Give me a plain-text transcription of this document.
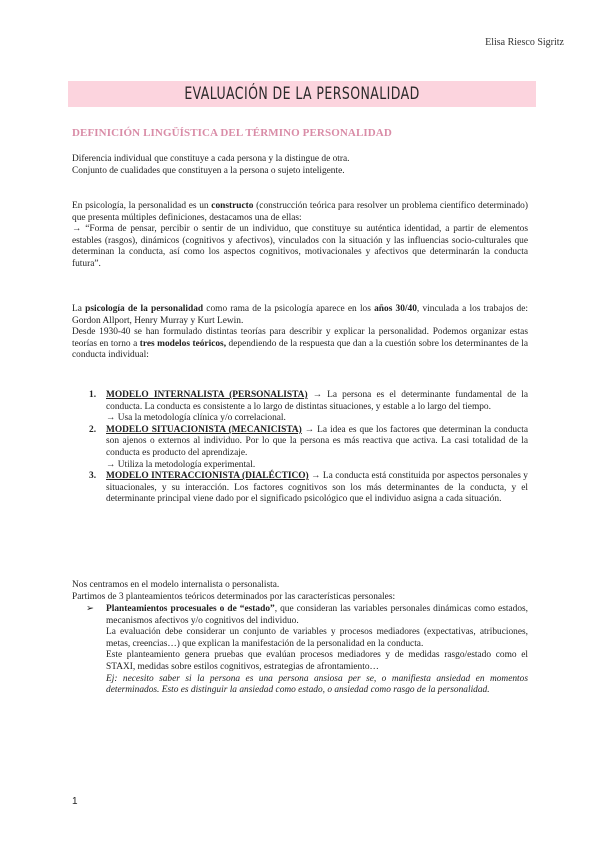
Elisa Riesco Sigritz
EVALUACIÓN DE LA PERSONALIDAD
DEFINICIÓN LINGÜÍSTICA DEL TÉRMINO PERSONALIDAD

Diferencia individual que constituye a cada persona y la distingue de otra.

Conjunto de cualidades que constituyen a la persona o sujeto inteligente.

En psicología, la personalidad es un constructo (construcción teórica para resolver un problema científico determinado) que presenta múltiples definiciones, destacamos una de ellas:

→ “Forma de pensar, percibir o sentir de un individuo, que constituye su auténtica identidad, a partir de elementos estables (rasgos), dinámicos (cognitivos y afectivos), vinculados con la situación y las influencias socio-culturales que determinan la conducta, así como los aspectos cognitivos, motivacionales y afectivos que determinarán la conducta futura”.

La psicología de la personalidad como rama de la psicología aparece en los años 30/40, vinculada a los trabajos de: Gordon Allport, Henry Murray y Kurt Lewin.

Desde 1930-40 se han formulado distintas teorías para describir y explicar la personalidad. Podemos organizar estas teorías en torno a tres modelos teóricos, dependiendo de la respuesta que dan a la cuestión sobre los determinantes de la conducta individual:

1. MODELO INTERNALISTA (PERSONALISTA) → La persona es el determinante fundamental de la conducta. La conducta es consistente a lo largo de distintas situaciones, y estable a lo largo del tiempo.
→ Usa la metodología clínica y/o correlacional.
2. MODELO SITUACIONISTA (MECANICISTA) → La idea es que los factores que determinan la conducta son ajenos o externos al individuo. Por lo que la persona es más reactiva que activa. La casi totalidad de la conducta es producto del aprendizaje.
→ Utiliza la metodología experimental.
3. MODELO INTERACCIONISTA (DIALÉCTICO) → La conducta está constituida por aspectos personales y situacionales, y su interacción. Los factores cognitivos son los más determinantes de la conducta, y el determinante principal viene dado por el significado psicológico que el individuo asigna a cada situación.

Nos centramos en el modelo internalista o personalista.

Partimos de 3 planteamientos teóricos determinados por las características personales:

➢ Planteamientos procesuales o de “estado”, que consideran las variables personales dinámicas como estados, mecanismos afectivos y/o cognitivos del individuo.

La evaluación debe considerar un conjunto de variables y procesos mediadores (expectativas, atribuciones, metas, creencias…) que explican la manifestación de la personalidad en la conducta.

Este planteamiento genera pruebas que evalúan procesos mediadores y de medidas rasgo/estado como el STAXI, medidas sobre estilos cognitivos, estrategias de afrontamiento…

Ej: necesito saber si la persona es una persona ansiosa per se, o manifiesta ansiedad en momentos determinados. Esto es distinguir la ansiedad como estado, o ansiedad como rasgo de la personalidad.

1
